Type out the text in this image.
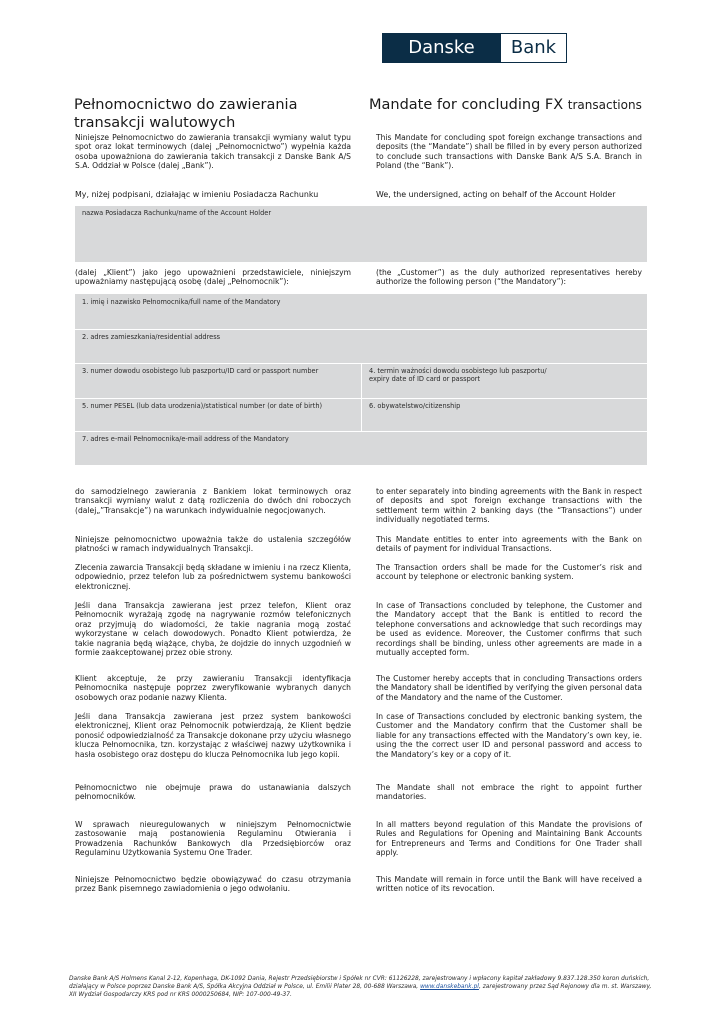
Danske	Bank
Pełnomocnictwo do zawierania transakcji walutowych
Mandate for concluding FX transactions
Niniejsze Pełnomocnictwo do zawierania transakcji wymiany walut typu spot oraz lokat terminowych (dalej „Pełnomocnictwo”) wypełnia każda osoba upoważniona do zawierania takich transakcji z Danske Bank A/S S.A. Oddział w Polsce (dalej „Bank”).
This Mandate for concluding spot foreign exchange transactions and deposits (the “Mandate”) shall be filled in by every person authorized to conclude such transactions with Danske Bank A/S S.A. Branch in Poland (the “Bank”).
My, niżej podpisani, działając w imieniu Posiadacza Rachunku	We, the undersigned, acting on behalf of the Account Holder
nazwa Posiadacza Rachunku/name of the Account Holder
(dalej „Klient”) jako jego upoważnieni przedstawiciele, niniejszym upoważniamy następującą osobę (dalej „Pełnomocnik”):
(the „Customer”) as the duly authorized representatives hereby authorize the following person (“the Mandatory”):
1. imię i nazwisko Pełnomocnika/full name of the Mandatory
2. adres zamieszkania/residential address
3. numer dowodu osobistego lub paszportu/ID card or passport number	4. termin ważności dowodu osobistego lub paszportu/
expiry date of ID card or passport
5. numer PESEL (lub data urodzenia)/statistical number (or date of birth)	6. obywatelstwo/citizenship
7. adres e-mail Pełnomocnika/e-mail address of the Mandatory
do samodzielnego zawierania z Bankiem lokat terminowych oraz transakcji wymiany walut z datą rozliczenia do dwóch dni roboczych (dalej„”Transakcje”) na warunkach indywidualnie negocjowanych.
Niniejsze pełnomocnictwo upoważnia także do ustalenia szczegółów płatności w ramach indywidualnych Transakcji.
Zlecenia zawarcia Transakcji będą składane w imieniu i na rzecz Klienta, odpowiednio, przez telefon lub za pośrednictwem systemu bankowości elektronicznej.
Jeśli dana Transakcja zawierana jest przez telefon, Klient oraz Pełnomocnik wyrażają zgodę na nagrywanie rozmów telefonicznych oraz przyjmują do wiadomości, że takie nagrania mogą zostać wykorzystane w celach dowodowych. Ponadto Klient potwierdza, że takie nagrania będą wiążące, chyba, że dojdzie do innych uzgodnień w formie zaakceptowanej przez obie strony.
Klient akceptuje, że przy zawieraniu Transakcji identyfikacja Pełnomocnika następuje poprzez zweryfikowanie wybranych danych osobowych oraz podanie nazwy Klienta.
Jeśli dana Transakcja zawierana jest przez system bankowości elektronicznej, Klient oraz Pełnomocnik potwierdzają, że Klient będzie ponosić odpowiedzialność za Transakcje dokonane przy użyciu własnego klucza Pełnomocnika, tzn. korzystając z właściwej nazwy użytkownika i hasła osobistego oraz dostępu do klucza Pełnomocnika lub jego kopii.
Pełnomocnictwo nie obejmuje prawa do ustanawiania dalszych pełnomocników.
W sprawach nieuregulowanych w niniejszym Pełnomocnictwie zastosowanie mają postanowienia Regulaminu Otwierania i Prowadzenia Rachunków Bankowych dla Przedsiębiorców oraz Regulaminu Użytkowania Systemu One Trader.
Niniejsze Pełnomocnictwo będzie obowiązywać do czasu otrzymania przez Bank pisemnego zawiadomienia o jego odwołaniu.
to enter separately into binding agreements with the Bank in respect of deposits and spot foreign exchange transactions with the settlement term within 2 banking days (the “Transactions”) under individually negotiated terms.
This Mandate entitles to enter into agreements with the Bank on details of payment for individual Transactions.
The Transaction orders shall be made for the Customer’s risk and account by telephone or electronic banking system.
In case of Transactions concluded by telephone, the Customer and the Mandatory accept that the Bank is entitled to record the telephone conversations and acknowledge that such recordings may be used as evidence. Moreover, the Customer confirms that such recordings shall be binding, unless other agreements are made in a mutually accepted form.
The Customer hereby accepts that in concluding Transactions orders the Mandatory shall be identified by verifying the given personal data of the Mandatory and the name of the Customer.
In case of Transactions concluded by electronic banking system, the Customer and the Mandatory confirm that the Customer shall be liable for any transactions effected with the Mandatory’s own key, ie. using the the correct user ID and personal password and access to the Mandatory’s key or a copy of it.
The Mandate shall not embrace the right to appoint further mandatories.
In all matters beyond regulation of this Mandate the provisions of Rules and Regulations for Opening and Maintaining Bank Accounts for Entrepreneurs and Terms and Conditions for One Trader shall apply.
This Mandate will remain in force until the Bank will have received a written notice of its revocation.
Danske Bank A/S Holmens Kanal 2-12, Kopenhaga, DK-1092 Dania, Rejestr Przedsiębiorstw i Spółek nr CVR: 61126228, zarejestrowany i wpłacony kapitał zakładowy 9.837.128.350 koron duńskich, działający w Polsce poprzez Danske Bank A/S, Spółka Akcyjna Oddział w Polsce, ul. Emilii Plater 28, 00-688 Warszawa, www.danskebank.pl, zarejestrowany przez Sąd Rejonowy dla m. st. Warszawy, XII Wydział Gospodarczy KRS pod nr KRS 0000250684, NIP: 107-000-49-37.
